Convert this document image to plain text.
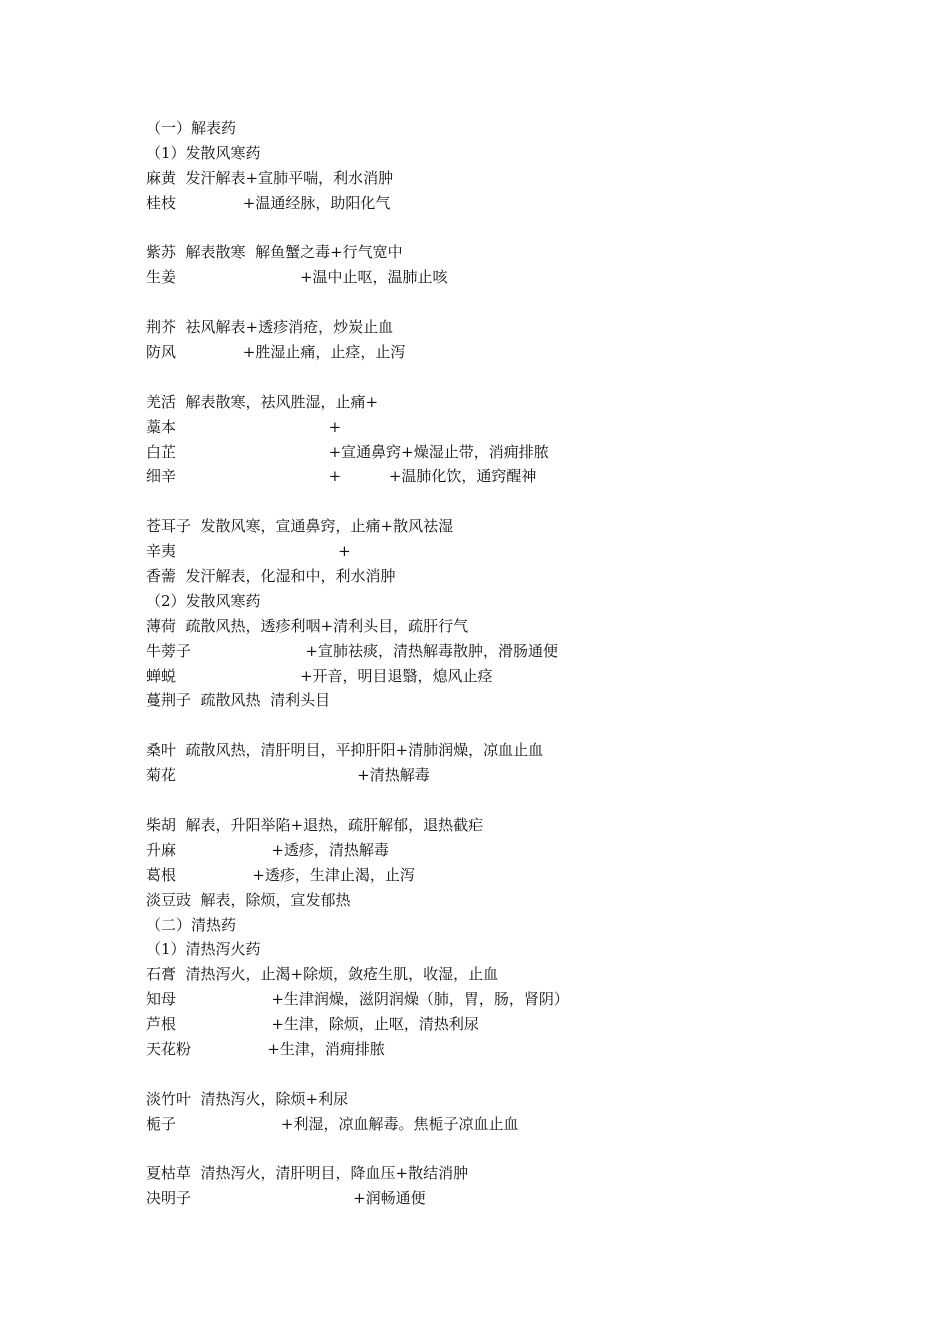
（一）解表药
（1）发散风寒药
麻黄  发汗解表+宣肺平喘，利水消肿
桂枝              +温通经脉，助阳化气
紫苏  解表散寒  解鱼蟹之毒+行气宽中
生姜                          +温中止呕，温肺止咳
荆芥  祛风解表+透疹消疮，炒炭止血
防风              +胜湿止痛，止痉，止泻
羌活  解表散寒，祛风胜湿，止痛+
藁本                                +
白芷                                +宣通鼻窍+燥湿止带，消痈排脓
细辛                                +          +温肺化饮，通窍醒神
苍耳子  发散风寒，宣通鼻窍，止痛+散风祛湿
辛夷                                  +
香薷  发汗解表，化湿和中，利水消肿
（2）发散风寒药
薄荷  疏散风热，透疹利咽+清利头目，疏肝行气
牛蒡子                        +宣肺祛痰，清热解毒散肿，滑肠通便
蝉蜕                          +开音，明目退翳，熄风止痉
蔓荆子  疏散风热  清利头目
桑叶  疏散风热，清肝明目，平抑肝阳+清肺润燥，凉血止血
菊花                                      +清热解毒
柴胡  解表，升阳举陷+退热，疏肝解郁，退热截疟
升麻                    +透疹，清热解毒
葛根                +透疹，生津止渴，止泻
淡豆豉  解表，除烦，宣发郁热
（二）清热药
（1）清热泻火药
石膏  清热泻火，止渴+除烦，敛疮生肌，收湿，止血
知母                    +生津润燥，滋阴润燥（肺，胃，肠，肾阴）
芦根                    +生津，除烦，止呕，清热利尿
天花粉                +生津，消痈排脓
淡竹叶  清热泻火，除烦+利尿
栀子                      +利湿，凉血解毒。焦栀子凉血止血
夏枯草  清热泻火，清肝明目，降血压+散结消肿
决明子                                  +润畅通便
